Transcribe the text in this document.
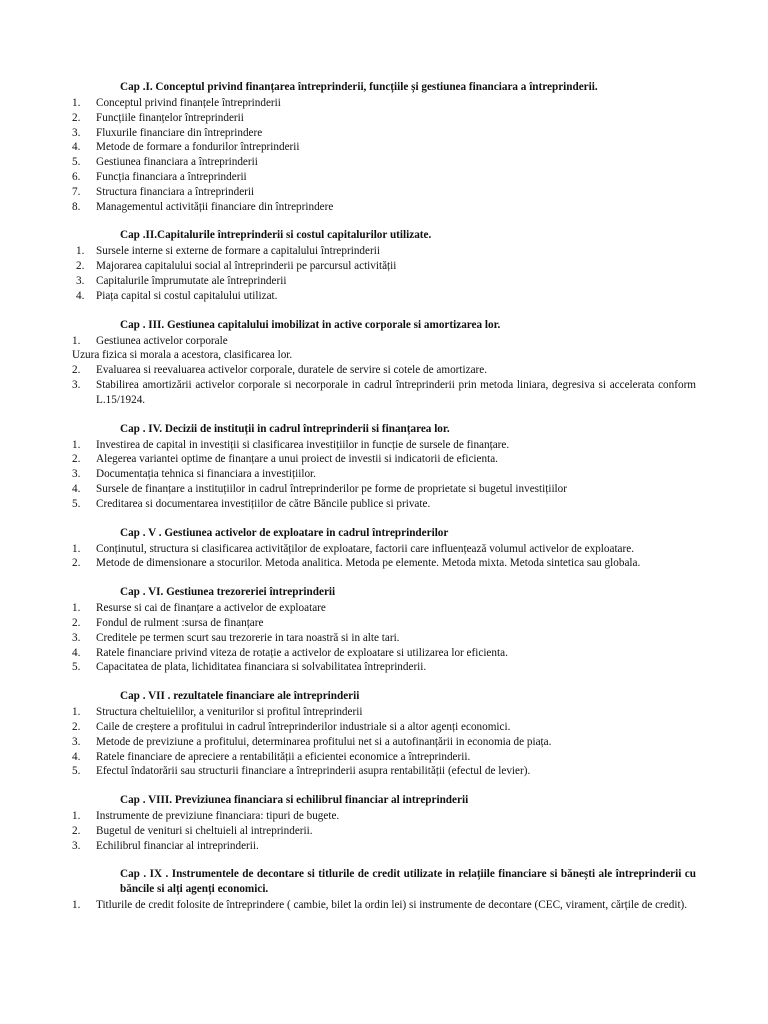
Cap .I. Conceptul privind finanțarea întreprinderii, funcțiile și gestiunea financiara a întreprinderii.
1.	Conceptul privind finanțele întreprinderii
2.	Funcțiile finanțelor întreprinderii
3.	Fluxurile financiare din întreprindere
4.	Metode de formare a fondurilor întreprinderii
5.	Gestiunea financiara a întreprinderii
6.	Funcția financiara a întreprinderii
7.	Structura financiara a întreprinderii
8.	Managementul activității financiare din întreprindere
Cap .II.Capitalurile întreprinderii si costul capitalurilor utilizate.
1.	Sursele interne si externe de formare a capitalului întreprinderii
2.	Majorarea capitalului social al întreprinderii pe parcursul activității
3.	Capitalurile împrumutate ale întreprinderii
4.	Piața capital si costul capitalului utilizat.
Cap . III. Gestiunea capitalului imobilizat in active corporale si amortizarea lor.
1.	Gestiunea activelor corporale
Uzura fizica si morala a acestora, clasificarea lor.
2.	Evaluarea si reevaluarea activelor corporale, duratele de servire si cotele de amortizare.
3.	Stabilirea amortizării activelor corporale si necorporale in cadrul întreprinderii prin metoda liniara, degresiva si accelerata conform L.15/1924.
Cap . IV. Decizii de instituții in cadrul întreprinderii si finanțarea lor.
1.	Investirea de capital in investiții si clasificarea investițiilor in funcție de sursele de finanțare.
2.	Alegerea variantei optime de finanțare a unui proiect de investii si indicatorii de eficienta.
3.	Documentația tehnica si financiara a investițiilor.
4.	Sursele de finanțare a instituțiilor in cadrul întreprinderilor pe forme de proprietate si bugetul investițiilor
5.	Creditarea si documentarea investițiilor de către Băncile publice si private.
Cap . V . Gestiunea activelor de exploatare in cadrul întreprinderilor
1.	Conținutul, structura si clasificarea activităților de exploatare, factorii care influențează volumul activelor de exploatare.
2.	Metode de dimensionare a stocurilor. Metoda analitica. Metoda pe elemente. Metoda mixta. Metoda sintetica sau globala.
Cap . VI. Gestiunea trezoreriei întreprinderii
1.	Resurse si cai de finanțare a activelor de exploatare
2.	Fondul de rulment :sursa de finanțare
3.	Creditele pe termen scurt sau trezorerie in tara noastră si in alte tari.
4.	Ratele financiare privind viteza de rotație a activelor de exploatare si utilizarea lor eficienta.
5.	Capacitatea de plata, lichiditatea financiara si solvabilitatea întreprinderii.
Cap . VII . rezultatele financiare ale întreprinderii
1.	Structura cheltuielilor, a veniturilor si profitul întreprinderii
2.	Caile de creștere a profitului in cadrul întreprinderilor industriale si a altor agenți economici.
3.	Metode de previziune a profitului, determinarea profitului net si a autofinanțării in economia de piața.
4.	Ratele financiare de apreciere a rentabilității a eficientei economice a întreprinderii.
5.	Efectul îndatorării sau structurii financiare a întreprinderii asupra rentabilității (efectul de levier).
Cap . VIII. Previziunea financiara si echilibrul financiar al intreprinderii
1.	Instrumente de previziune financiara: tipuri de bugete.
2.	Bugetul de venituri si cheltuieli al intreprinderii.
3.	Echilibrul financiar al intreprinderii.
Cap . IX . Instrumentele de decontare si titlurile de credit utilizate in relațiile financiare si bănești ale întreprinderii cu băncile si alți agenți economici.
1.	Titlurile de credit folosite de întreprindere ( cambie, bilet la ordin lei) si instrumente de decontare (CEC, virament, cărțile de credit).
